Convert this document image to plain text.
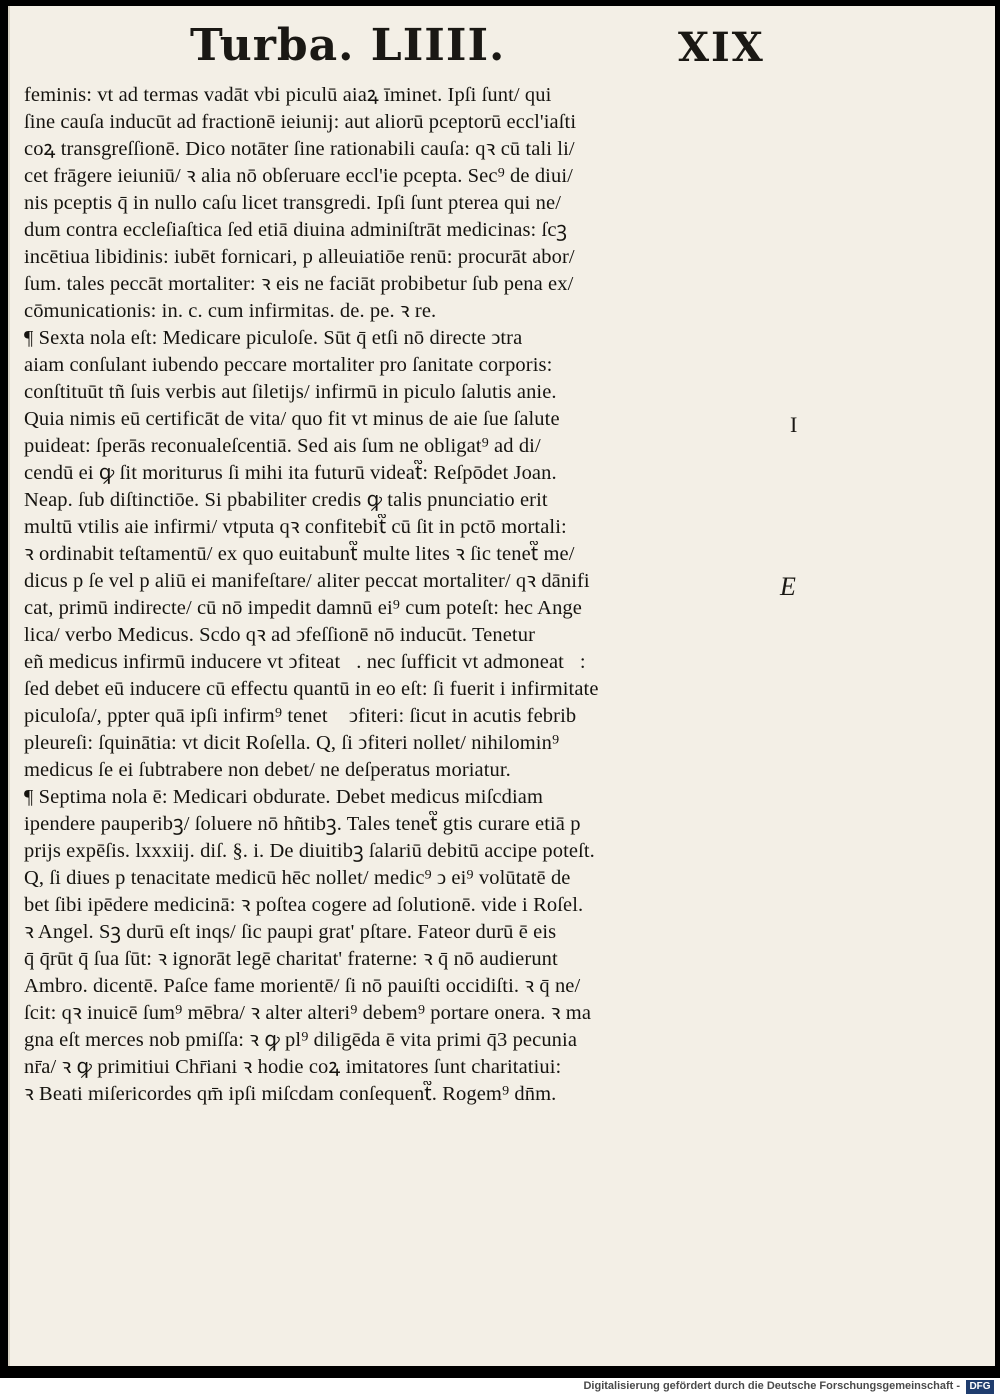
Turba. LIIII.	XIX
feminis: vt ad termas vadāt vbi piculū aiaꝝ īminet. Ipſi ſunt/ qui
ſine cauſa inducūt ad fractionē ieiunij: aut aliorū pceptorū eccl'iaſti
coꝝ transgreſſionē. Dico notāter ſine rationabili cauſa: qꝛ cū tali li/
cet frāgere ieiuniū/ ꝛ alia nō obſeruare eccl'ie pcepta. Sec⁹ de diui/
nis pceptis q̄ in nullo caſu licet transgredi. Ipſi ſunt pterea qui ne/
dum contra eccleſiaſtica ſed etiā diuina adminiſtrāt medicinas: ſcꝫ
incētiua libidinis: iubēt fornicari, p alleuiatiōe renū: procurāt abor/
ſum. tales peccāt mortaliter: ꝛ eis ne faciāt probibetur ſub pena ex/
cōmunicationis: in. c. cum infirmitas. de. pe. ꝛ re.
¶ Sexta nola eſt: Medicare piculoſe. Sūt q̄ etſi nō directe ↄtra
aiam conſulant iubendo peccare mortaliter pro ſanitate corporis:
conſtituūt tñ ſuis verbis aut ſiletijs/ infirmū in piculo ſalutis anie.
Quia nimis eū certificāt de vita/ quo fit vt minus de aie ſue ſalute
puideat: ſperās reconualeſcentiā. Sed ais ſum ne obligat⁹ ad di/
cendū ei ꝙ ſit moriturus ſi mihi ita futurū videat᷑: Reſpōdet Joan.
Neap. ſub diſtinctiōe. Si pbabiliter credis ꝙ talis pnunciatio erit
multū vtilis aie infirmi/ vtputa qꝛ confitebit᷑ cū ſit in pctō mortali:
ꝛ ordinabit teſtamentū/ ex quo euitabunt᷑ multe lites ꝛ ſic tenet᷑ me/
dicus p ſe vel p aliū ei manifeſtare/ aliter peccat mortaliter/ qꝛ dānifi
cat, primū indirecte/ cū nō impedit damnū ei⁹ cum poteſt: hec Ange
lica/ verbo Medicus. Scdo qꝛ ad ↄfeſſionē nō inducūt. Tenetur
eñ medicus infirmū inducere vt ↄfiteat᷑. nec ſufficit vt admoneat᷑:
ſed debet eū inducere cū effectu quantū in eo eſt: ſi fuerit i infirmitate
piculoſa/, ppter quā ipſi infirm⁹ tenet᷑ ↄfiteri: ſicut in acutis febribꝫ
pleureſi: ſquinātia: vt dicit Roſella. Q, ſi ↄfiteri nollet/ nihilomin⁹
medicus ſe ei ſubtrabere non debet/ ne deſperatus moriatur.
¶ Septima nola ē: Medicari obdurate. Debet medicus miſcdiam
ipendere pauperibꝫ/ ſoluere nō hñtibꝫ. Tales tenet᷑ gtis curare etiā p
prijs expēſis. lxxxiij. diſ. §. i. De diuitibꝫ ſalariū debitū accipe poteſt.
Q, ſi diues p tenacitate medicū hēc nollet/ medic⁹ ↄ ei⁹ volūtatē de
bet ſibi ipēdere medicinā: ꝛ poſtea cogere ad ſolutionē. vide i Roſel.
ꝛ Angel. Sꝫ durū eſt inqs/ ſic paupi grat' pſtare. Fateor durū ē eis
q̄ q̄rūt q̄ ſua ſūt: ꝛ ignorāt legē charitat' fraterne: ꝛ q̄ nō audierunt
Ambro. dicentē. Paſce fame morientē/ ſi nō pauiſti occidiſti. ꝛ q̄ ne/
ſcit: qꝛ inuicē ſum⁹ mēbra/ ꝛ alter alteri⁹ debem⁹ portare onera. ꝛ ma
gna eſt merces nob pmiſſa: ꝛ ꝙ pl⁹ diligēda ē vita primi q̄3 pecunia
nr̄a/ ꝛ ꝙ primitiui Chr̄iani ꝛ hodie coꝝ imitatores ſunt charitatiui:
ꝛ Beati miſericordes qm̄ ipſi miſcdam conſequent᷑. Rogem⁹ dn̄m.
I
E
Digitalisierung gefördert durch die Deutsche Forschungsgemeinschaft - DFG
